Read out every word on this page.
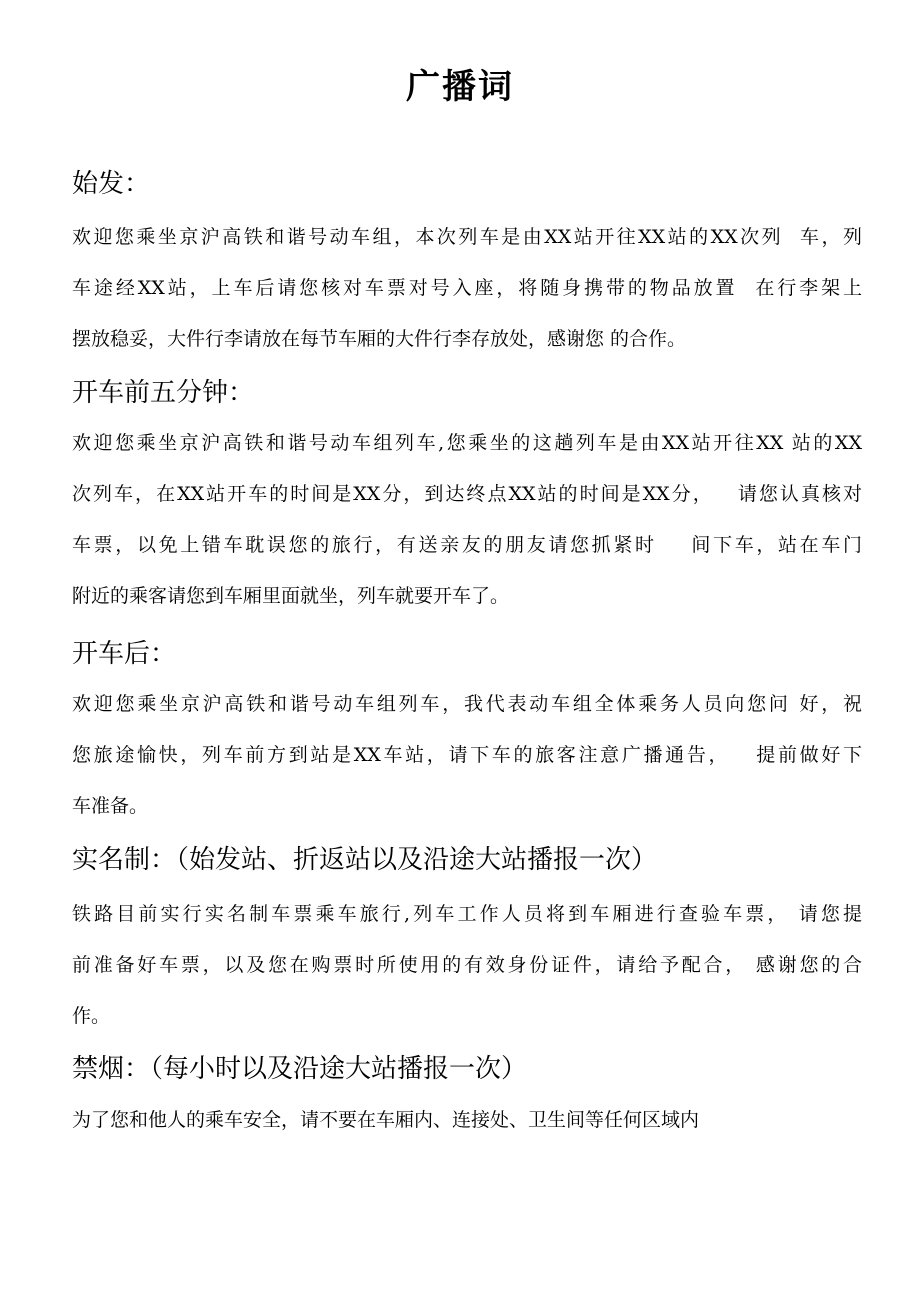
广播词
始发：
欢迎您乘坐京沪高铁和谐号动车组，本次列车是由XX站开往XX站的XX次列  车，列
车途经XX站，上车后请您核对车票对号入座，将随身携带的物品放置  在行李架上
摆放稳妥，大件行李请放在每节车厢的大件行李存放处，感谢您 的合作。
开车前五分钟：
欢迎您乘坐京沪高铁和谐号动车组列车,您乘坐的这趟列车是由XX站开往XX 站的XX
次列车，在XX站开车的时间是XX分，到达终点XX站的时间是XX分，   请您认真核对
车票，以免上错车耽误您的旅行，有送亲友的朋友请您抓紧时    间下车，站在车门
附近的乘客请您到车厢里面就坐，列车就要开车了。
开车后：
欢迎您乘坐京沪高铁和谐号动车组列车，我代表动车组全体乘务人员向您问 好，祝
您旅途愉快，列车前方到站是XX车站，请下车的旅客注意广播通告，   提前做好下
车准备。
实名制：（始发站、折返站以及沿途大站播报一次）
铁路目前实行实名制车票乘车旅行,列车工作人员将到车厢进行查验车票， 请您提
前准备好车票，以及您在购票时所使用的有效身份证件，请给予配合， 感谢您的合
作。
禁烟：（每小时以及沿途大站播报一次）
为了您和他人的乘车安全，请不要在车厢内、连接处、卫生间等任何区域内
